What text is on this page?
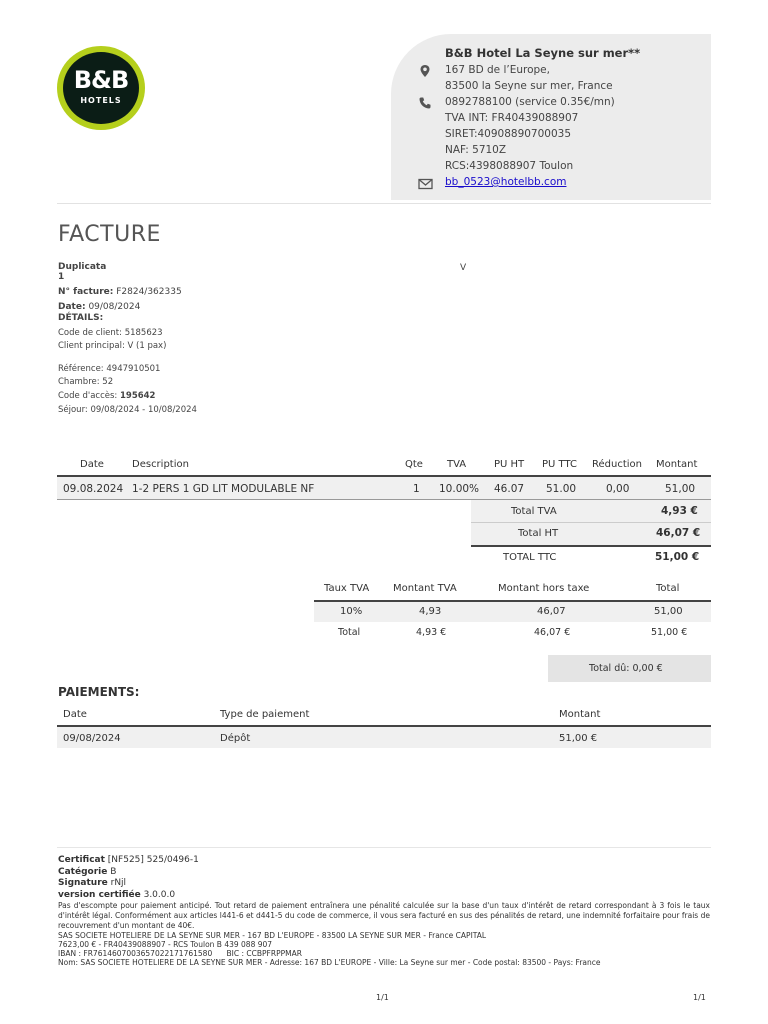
B&B
HOTELS
B&B Hotel La Seyne sur mer**
167 BD de l’Europe,
83500 la Seyne sur mer, France
0892788100 (service 0.35€/mn)
TVA INT: FR40439088907
SIRET:40908890700035
NAF: 5710Z
RCS:4398088907 Toulon
bb_0523@hotelbb.com
FACTURE
Duplicata
1
V
N° facture: F2824/362335
Date: 09/08/2024
DÉTAILS:
Code de client: 5185623
Client principal: V (1 pax)
Référence: 4947910501
Chambre: 52
Code d'accès: 195642
Séjour: 09/08/2024 - 10/08/2024
Date	Description	Qte TVA	PU HT PU TTC Réduction Montant
09.08.2024 1-2 PERS 1 GD LIT MODULABLE NF	1 10.00% 46.07 51.00	0,00	51,00
Total TVA	4,93 €
Total HT	46,07 €
TOTAL TTC	51,00 €
Taux TVA Montant TVA	Montant hors taxe	Total
10%	4,93	46,07	51,00
Total	4,93 €	46,07 €	51,00 €
Total dû: 0,00 €
PAIEMENTS:
Date	Type de paiement	Montant
09/08/2024	Dépôt	51,00 €
Certificat [NF525] 525/0496-1
Catégorie B
Signature rNjl
version certifiée 3.0.0.0
Pas d'escompte pour paiement anticipé. Tout retard de paiement entraînera une pénalité calculée sur la base d'un taux d'intérêt de retard correspondant à 3 fois le taux d'intérêt légal. Conformément aux articles l441-6 et d441-5 du code de commerce, il vous sera facturé en sus des pénalités de retard, une indemnité forfaitaire pour frais de recouvrement d'un montant de 40€.
SAS SOCIETE HOTELIERE DE LA SEYNE SUR MER - 167 BD L'EUROPE - 83500 LA SEYNE SUR MER - France CAPITAL
7623,00 € - FR40439088907 - RCS Toulon B 439 088 907
IBAN : FR7614607003657022171761580      BIC : CCBPFRPPMAR
Nom: SAS SOCIETE HOTELIERE DE LA SEYNE SUR MER - Adresse: 167 BD L'EUROPE - Ville: La Seyne sur mer - Code postal: 83500 - Pays: France
1/1	1/1
